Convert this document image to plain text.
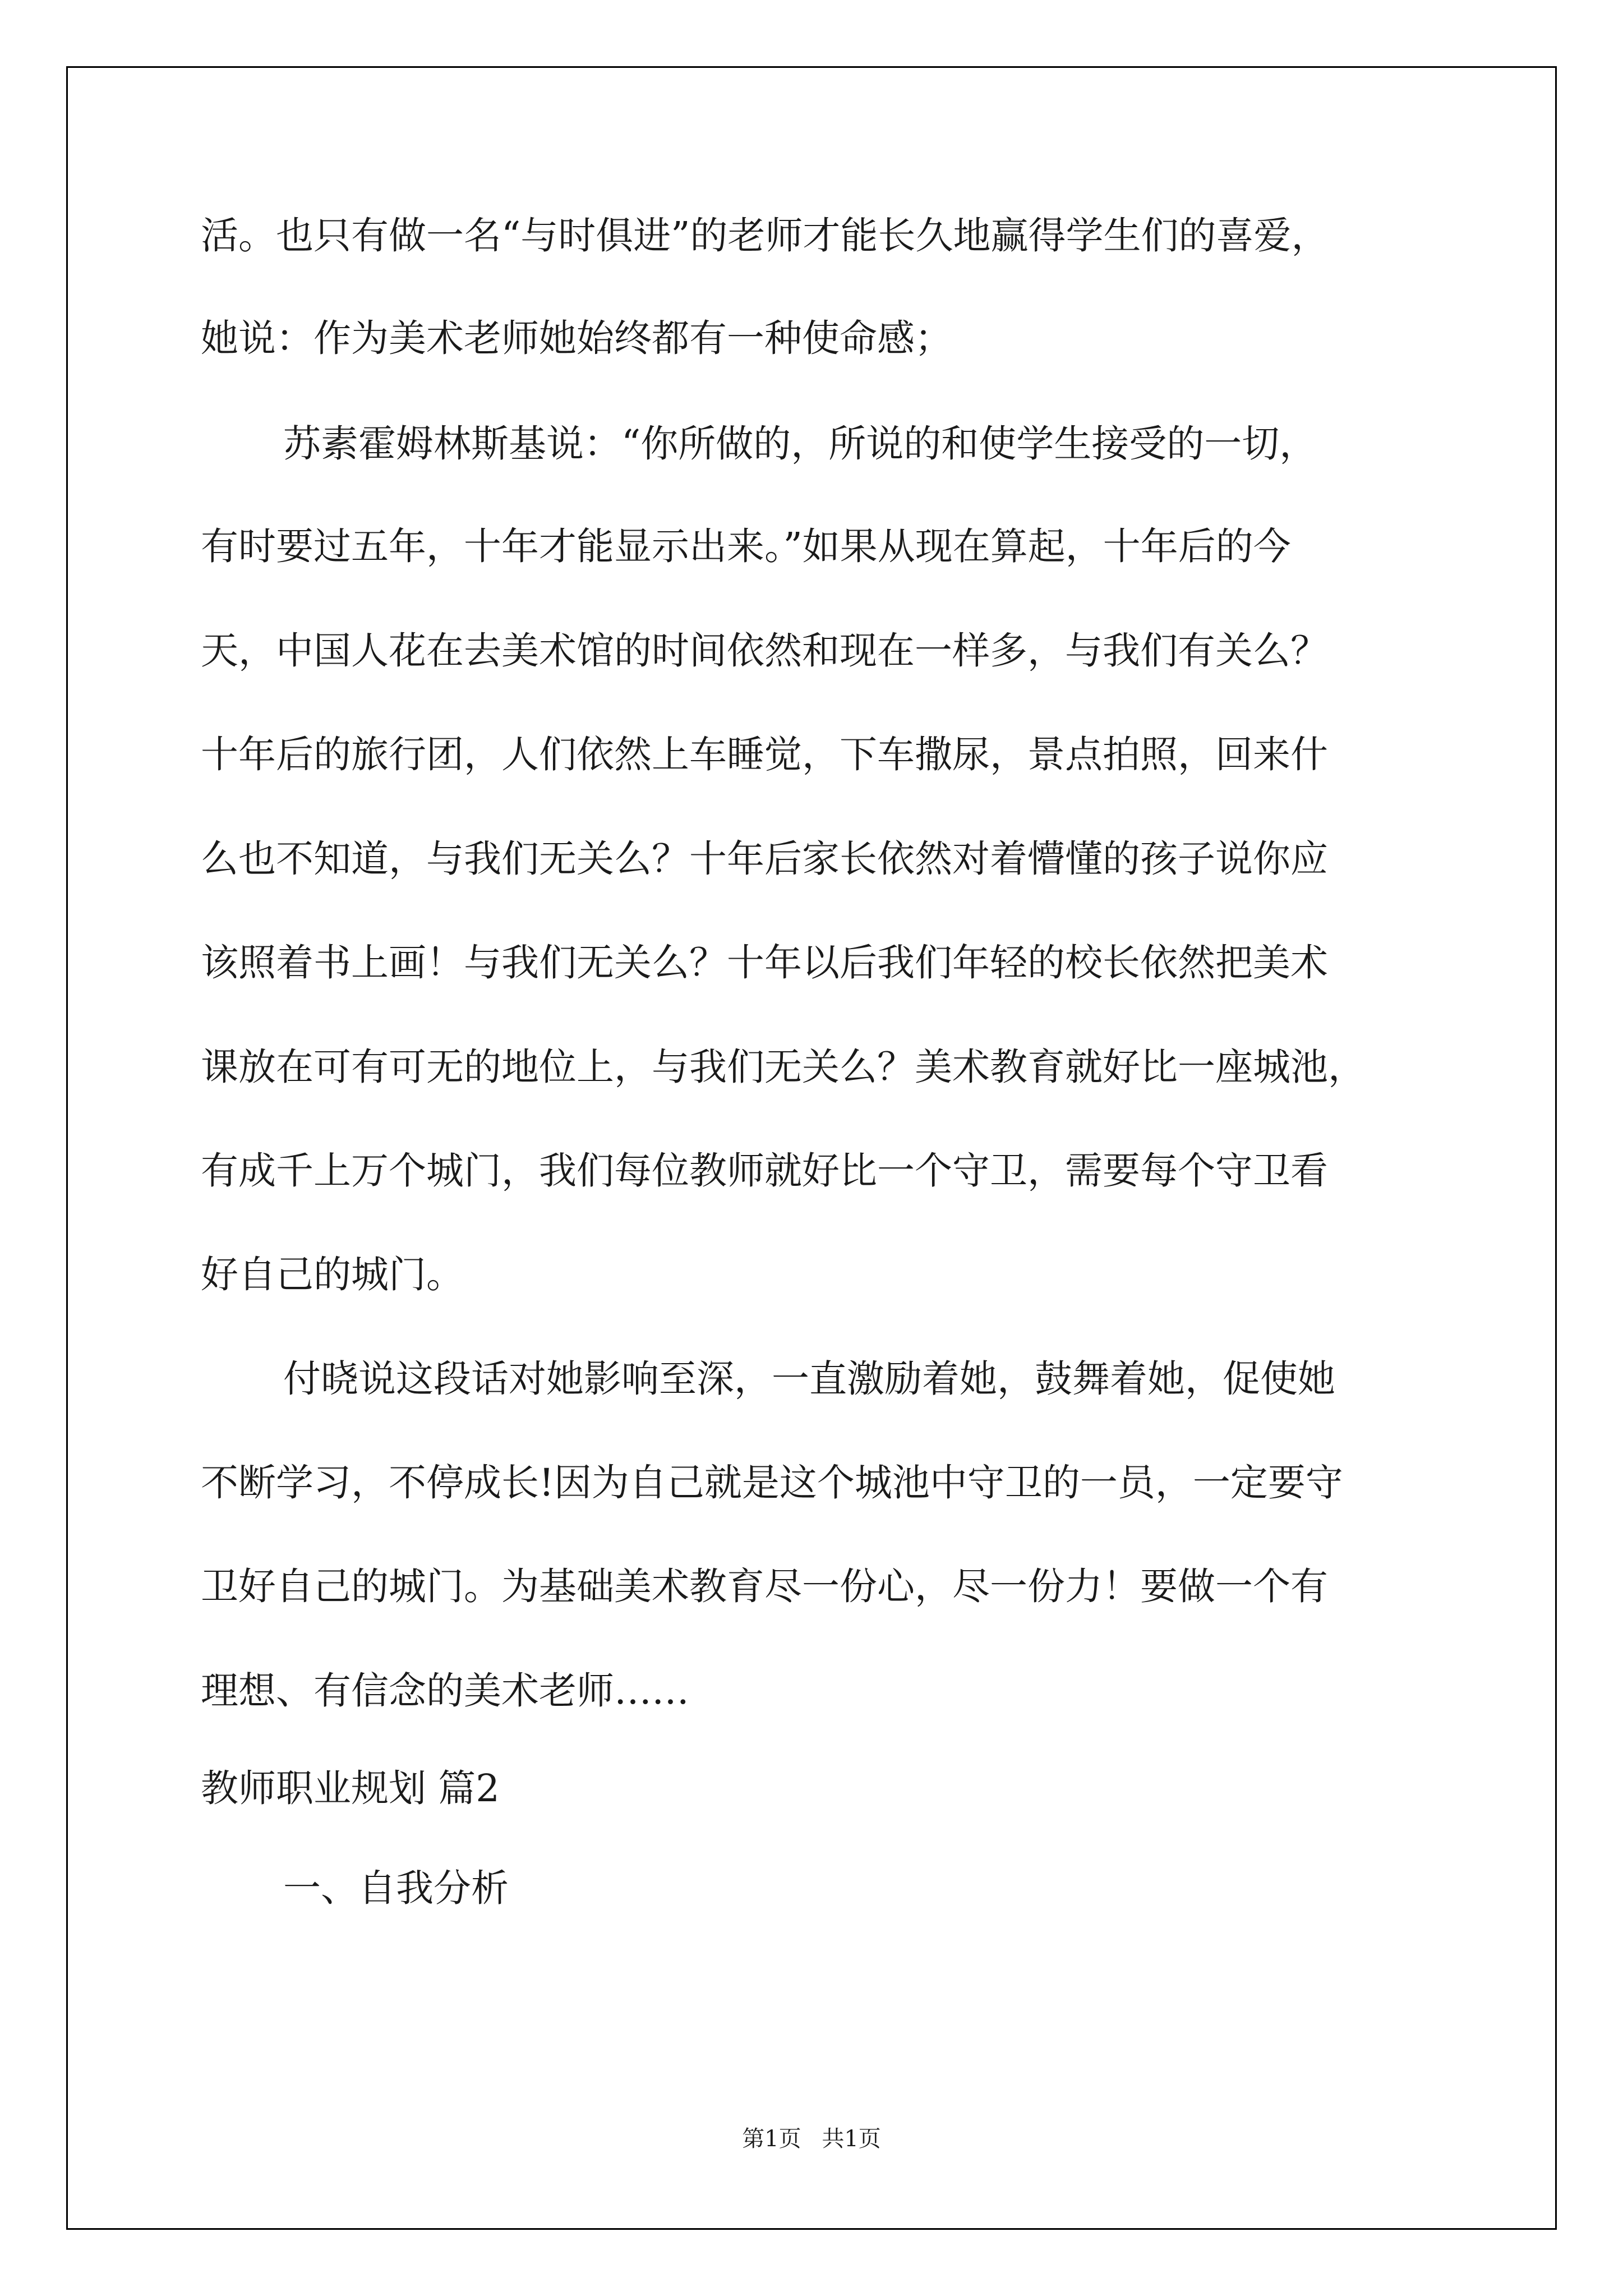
活。也只有做一名“与时俱进”的老师才能长久地赢得学生们的喜爱，
她说：作为美术老师她始终都有一种使命感；
苏素霍姆林斯基说：“你所做的，所说的和使学生接受的一切，
有时要过五年，十年才能显示出来。”如果从现在算起，十年后的今
天，中国人花在去美术馆的时间依然和现在一样多，与我们有关么？
十年后的旅行团，人们依然上车睡觉，下车撒尿，景点拍照，回来什
么也不知道，与我们无关么？十年后家长依然对着懵懂的孩子说你应
该照着书上画！与我们无关么？十年以后我们年轻的校长依然把美术
课放在可有可无的地位上，与我们无关么？美术教育就好比一座城池，
有成千上万个城门，我们每位教师就好比一个守卫，需要每个守卫看
好自己的城门。
付晓说这段话对她影响至深，一直激励着她，鼓舞着她，促使她
不断学习，不停成长!因为自己就是这个城池中守卫的一员，一定要守
卫好自己的城门。为基础美术教育尽一份心，尽一份力！要做一个有
理想、有信念的美术老师……
教师职业规划 篇2
一、自我分析
第1页 共1页
